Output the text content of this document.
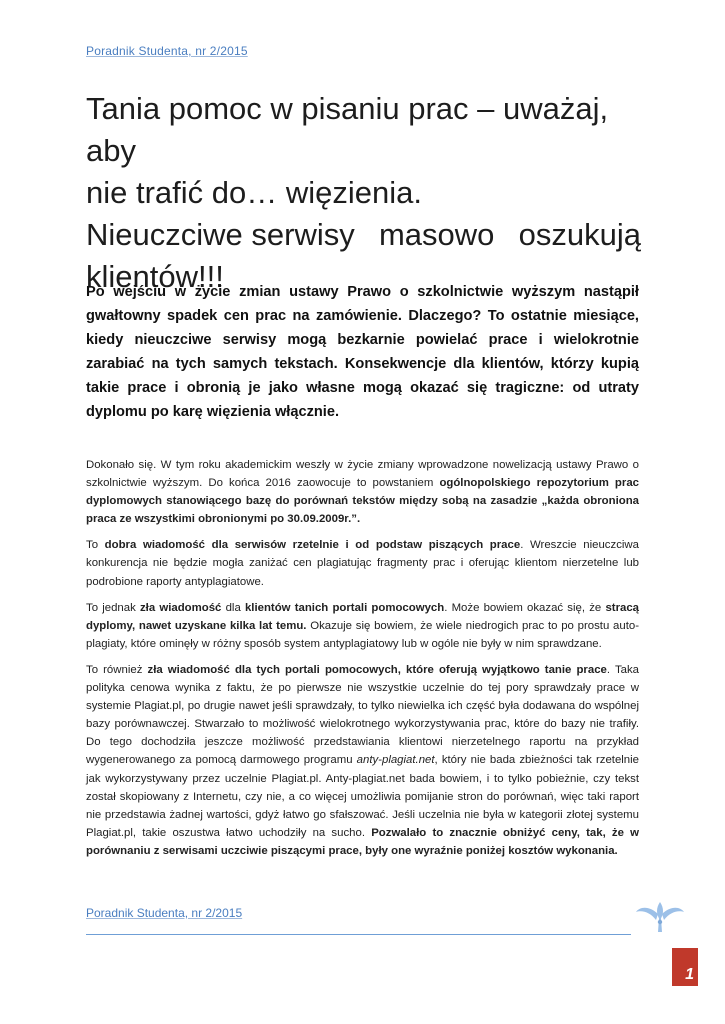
Poradnik Studenta, nr 2/2015
Tania pomoc w pisaniu prac – uważaj, aby
nie trafić do… więzienia.
Nieuczciwe serwisy masowo oszukują
klientów!!!
Po wejściu w życie zmian ustawy Prawo o szkolnictwie wyższym nastąpił gwałtowny spadek cen prac na zamówienie. Dlaczego? To ostatnie miesiące, kiedy nieuczciwe serwisy mogą bezkarnie powielać prace i wielokrotnie zarabiać na tych samych tekstach. Konsekwencje dla klientów, którzy kupią takie prace i obronią je jako własne mogą okazać się tragiczne: od utraty dyplomu po karę więzienia włącznie.

Dokonało się. W tym roku akademickim weszły w życie zmiany wprowadzone nowelizacją ustawy Prawo o szkolnictwie wyższym. Do końca 2016 zaowocuje to powstaniem ogólnopolskiego repozytorium prac dyplomowych stanowiącego bazę do porównań tekstów między sobą na zasadzie „każda obroniona praca ze wszystkimi obronionymi po 30.09.2009r.”.

To dobra wiadomość dla serwisów rzetelnie i od podstaw piszących prace. Wreszcie nieuczciwa konkurencja nie będzie mogła zaniżać cen plagiatując fragmenty prac i oferując klientom nierzetelne lub podrobione raporty antyplagiatowe.

To jednak zła wiadomość dla klientów tanich portali pomocowych. Może bowiem okazać się, że stracą dyplomy, nawet uzyskane kilka lat temu. Okazuje się bowiem, że wiele niedrogich prac to po prostu auto-plagiaty, które ominęły w różny sposób system antyplagiatowy lub w ogóle nie były w nim sprawdzane.

To również zła wiadomość dla tych portali pomocowych, które oferują wyjątkowo tanie prace. Taka polityka cenowa wynika z faktu, że po pierwsze nie wszystkie uczelnie do tej pory sprawdzały prace w systemie Plagiat.pl, po drugie nawet jeśli sprawdzały, to tylko niewielka ich część była dodawana do wspólnej bazy porównawczej. Stwarzało to możliwość wielokrotnego wykorzystywania prac, które do bazy nie trafiły. Do tego dochodziła jeszcze możliwość przedstawiania klientowi nierzetelnego raportu na przykład wygenerowanego za pomocą darmowego programu anty-plagiat.net, który nie bada zbieżności tak rzetelnie jak wykorzystywany przez uczelnie Plagiat.pl. Anty-plagiat.net bada bowiem, i to tylko pobieżnie, czy tekst został skopiowany z Internetu, czy nie, a co więcej umożliwia pomijanie stron do porównań, więc taki raport nie przedstawia żadnej wartości, gdyż łatwo go sfałszować. Jeśli uczelnia nie była w kategorii złotej systemu Plagiat.pl, takie oszustwa łatwo uchodziły na sucho. Pozwalało to znacznie obniżyć ceny, tak, że w porównaniu z serwisami uczciwie piszącymi prace, były one wyraźnie poniżej kosztów wykonania.

Poradnik Studenta, nr 2/2015
1
